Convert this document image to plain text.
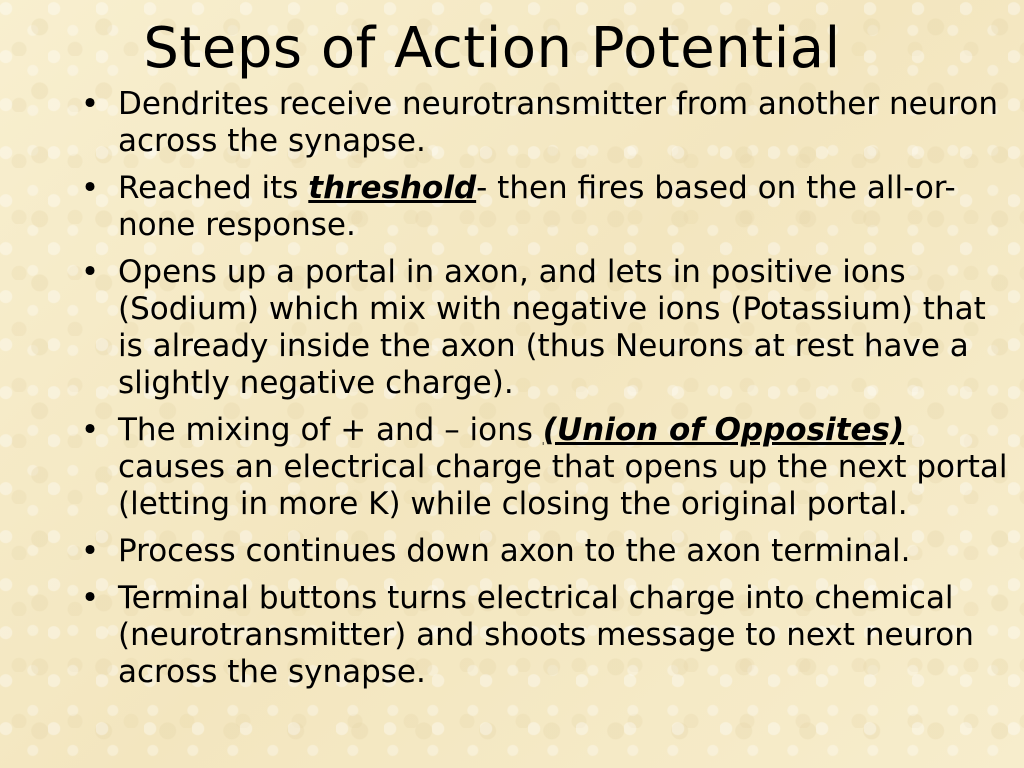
Steps of Action Potential
• Dendrites receive neurotransmitter from another neuron across the synapse.
• Reached its threshold- then fires based on the all-or-none response.
• Opens up a portal in axon, and lets in positive ions (Sodium) which mix with negative ions (Potassium) that is already inside the axon (thus Neurons at rest have a slightly negative charge).
• The mixing of + and – ions (Union of Opposites) causes an electrical charge that opens up the next portal (letting in more K) while closing the original portal.
• Process continues down axon to the axon terminal.
• Terminal buttons turns electrical charge into chemical (neurotransmitter) and shoots message to next neuron across the synapse.
